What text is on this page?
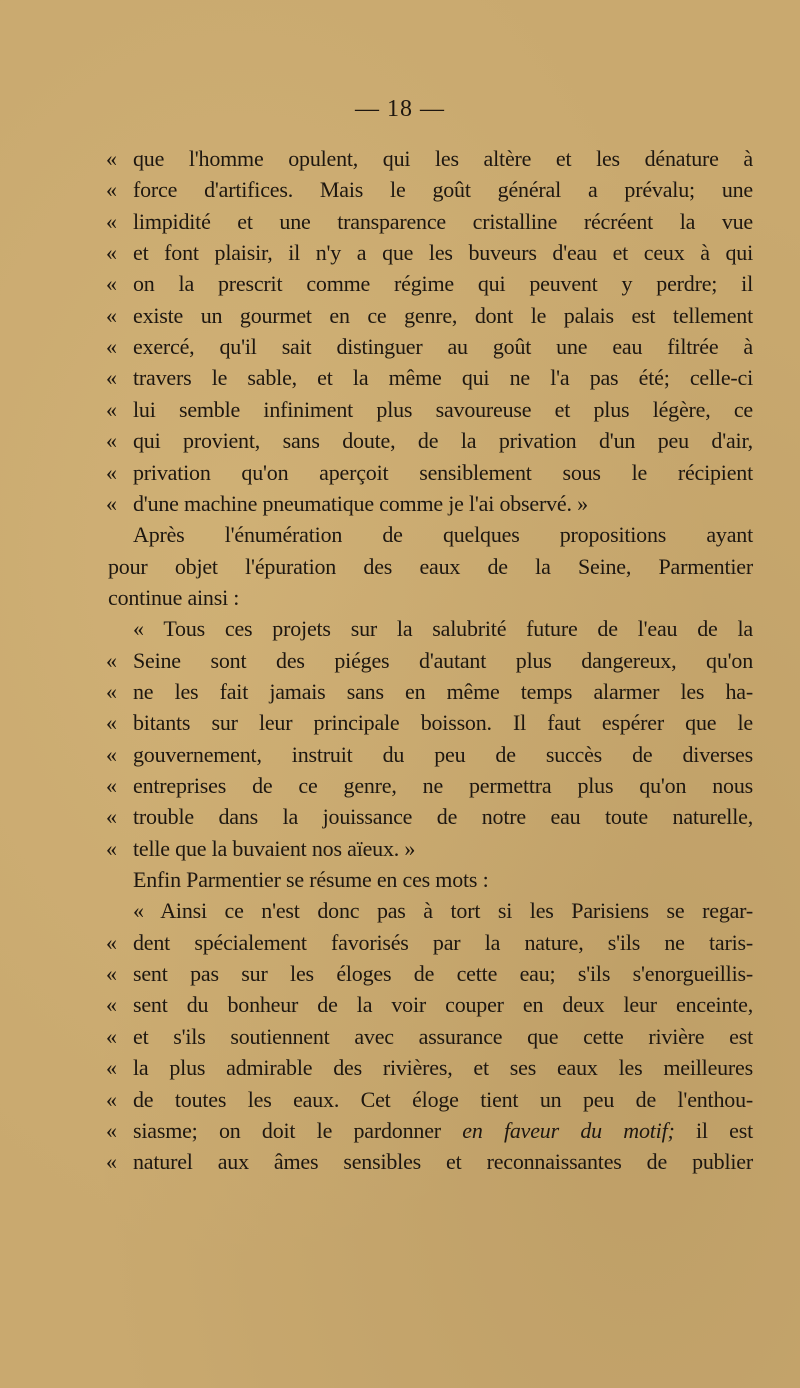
— 18 —
« que l'homme opulent, qui les altère et les dénature à
« force d'artifices. Mais le goût général a prévalu; une
« limpidité et une transparence cristalline récréent la vue
« et font plaisir, il n'y a que les buveurs d'eau et ceux à qui
« on la prescrit comme régime qui peuvent y perdre; il
« existe un gourmet en ce genre, dont le palais est tellement
« exercé, qu'il sait distinguer au goût une eau filtrée à
« travers le sable, et la même qui ne l'a pas été; celle-ci
« lui semble infiniment plus savoureuse et plus légère, ce
« qui provient, sans doute, de la privation d'un peu d'air,
« privation qu'on aperçoit sensiblement sous le récipient
« d'une machine pneumatique comme je l'ai observé. »
Après l'énumération de quelques propositions ayant
pour objet l'épuration des eaux de la Seine, Parmentier
continue ainsi :
« Tous ces projets sur la salubrité future de l'eau de la
« Seine sont des piéges d'autant plus dangereux, qu'on
« ne les fait jamais sans en même temps alarmer les ha-
« bitants sur leur principale boisson. Il faut espérer que le
« gouvernement, instruit du peu de succès de diverses
« entreprises de ce genre, ne permettra plus qu'on nous
« trouble dans la jouissance de notre eau toute naturelle,
« telle que la buvaient nos aïeux. »
Enfin Parmentier se résume en ces mots :
« Ainsi ce n'est donc pas à tort si les Parisiens se regar-
« dent spécialement favorisés par la nature, s'ils ne taris-
« sent pas sur les éloges de cette eau; s'ils s'enorgueillis-
« sent du bonheur de la voir couper en deux leur enceinte,
« et s'ils soutiennent avec assurance que cette rivière est
« la plus admirable des rivières, et ses eaux les meilleures
« de toutes les eaux. Cet éloge tient un peu de l'enthou-
« siasme; on doit le pardonner en faveur du motif; il est
« naturel aux âmes sensibles et reconnaissantes de publier
